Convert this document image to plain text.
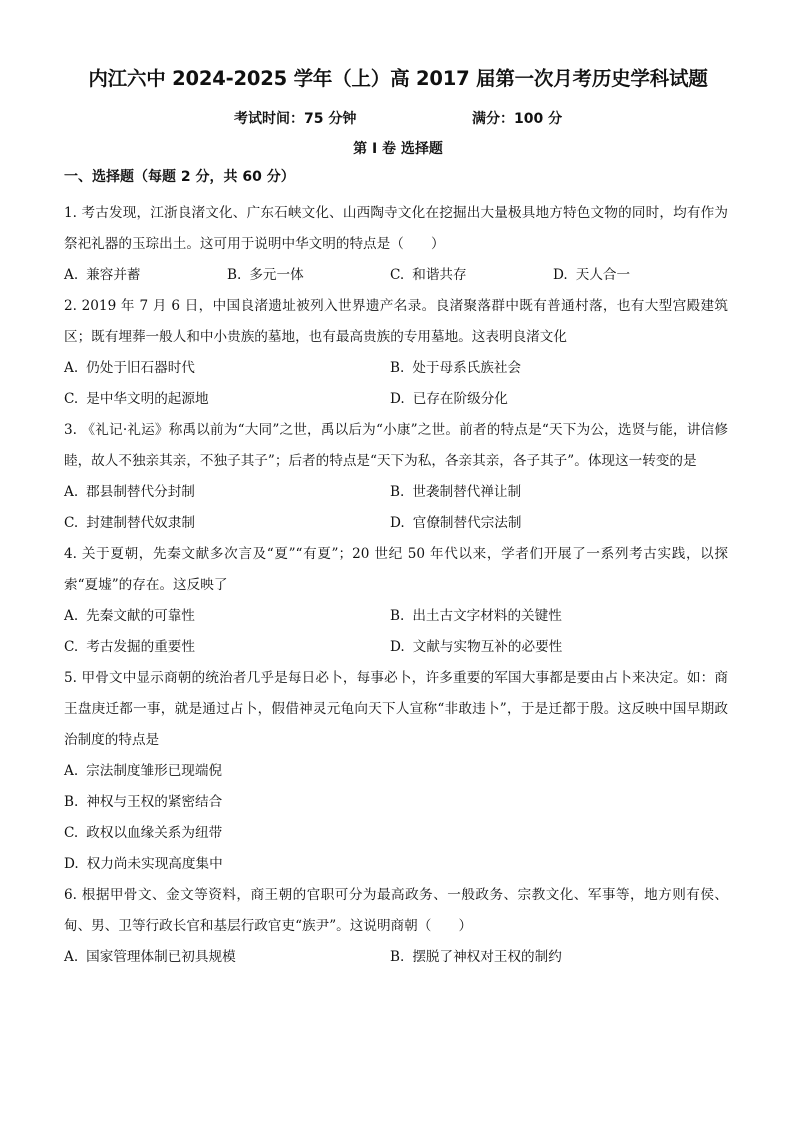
内江六中 2024-2025 学年（上）高 2017 届第一次月考历史学科试题
考试时间：75 分钟	满分：100 分
第 I 卷 选择题
一、选择题（每题 2 分，共 60 分）

1. 考古发现，江浙良渚文化、广东石峡文化、山西陶寺文化在挖掘出大量极具地方特色文物的同时，均有作为祭祀礼器的玉琮出土。这可用于说明中华文明的特点是（　　）

A. 兼容并蓄	B. 多元一体	C. 和谐共存	D. 天人合一

2. 2019 年 7 月 6 日，中国良渚遗址被列入世界遗产名录。良渚聚落群中既有普通村落，也有大型宫殿建筑区；既有埋葬一般人和中小贵族的墓地，也有最高贵族的专用墓地。这表明良渚文化

A. 仍处于旧石器时代	B. 处于母系氏族社会
C. 是中华文明的起源地	D. 已存在阶级分化

3. 《礼记·礼运》称禹以前为“大同”之世，禹以后为“小康”之世。前者的特点是“天下为公，选贤与能，讲信修睦，故人不独亲其亲，不独子其子”；后者的特点是“天下为私，各亲其亲，各子其子”。体现这一转变的是

A. 郡县制替代分封制	B. 世袭制替代禅让制
C. 封建制替代奴隶制	D. 官僚制替代宗法制

4. 关于夏朝，先秦文献多次言及“夏”“有夏”；20 世纪 50 年代以来，学者们开展了一系列考古实践，以探索“夏墟”的存在。这反映了

A. 先秦文献的可靠性	B. 出土古文字材料的关键性
C. 考古发掘的重要性	D. 文献与实物互补的必要性

5. 甲骨文中显示商朝的统治者几乎是每日必卜，每事必卜，许多重要的军国大事都是要由占卜来决定。如：商王盘庚迁都一事，就是通过占卜，假借神灵元龟向天下人宣称“非敢违卜”，于是迁都于殷。这反映中国早期政治制度的特点是

A. 宗法制度雏形已现端倪
B. 神权与王权的紧密结合
C. 政权以血缘关系为纽带
D. 权力尚未实现高度集中

6. 根据甲骨文、金文等资料，商王朝的官职可分为最高政务、一般政务、宗教文化、军事等，地方则有侯、甸、男、卫等行政长官和基层行政官吏“族尹”。这说明商朝（　　）

A. 国家管理体制已初具规模	B. 摆脱了神权对王权的制约
